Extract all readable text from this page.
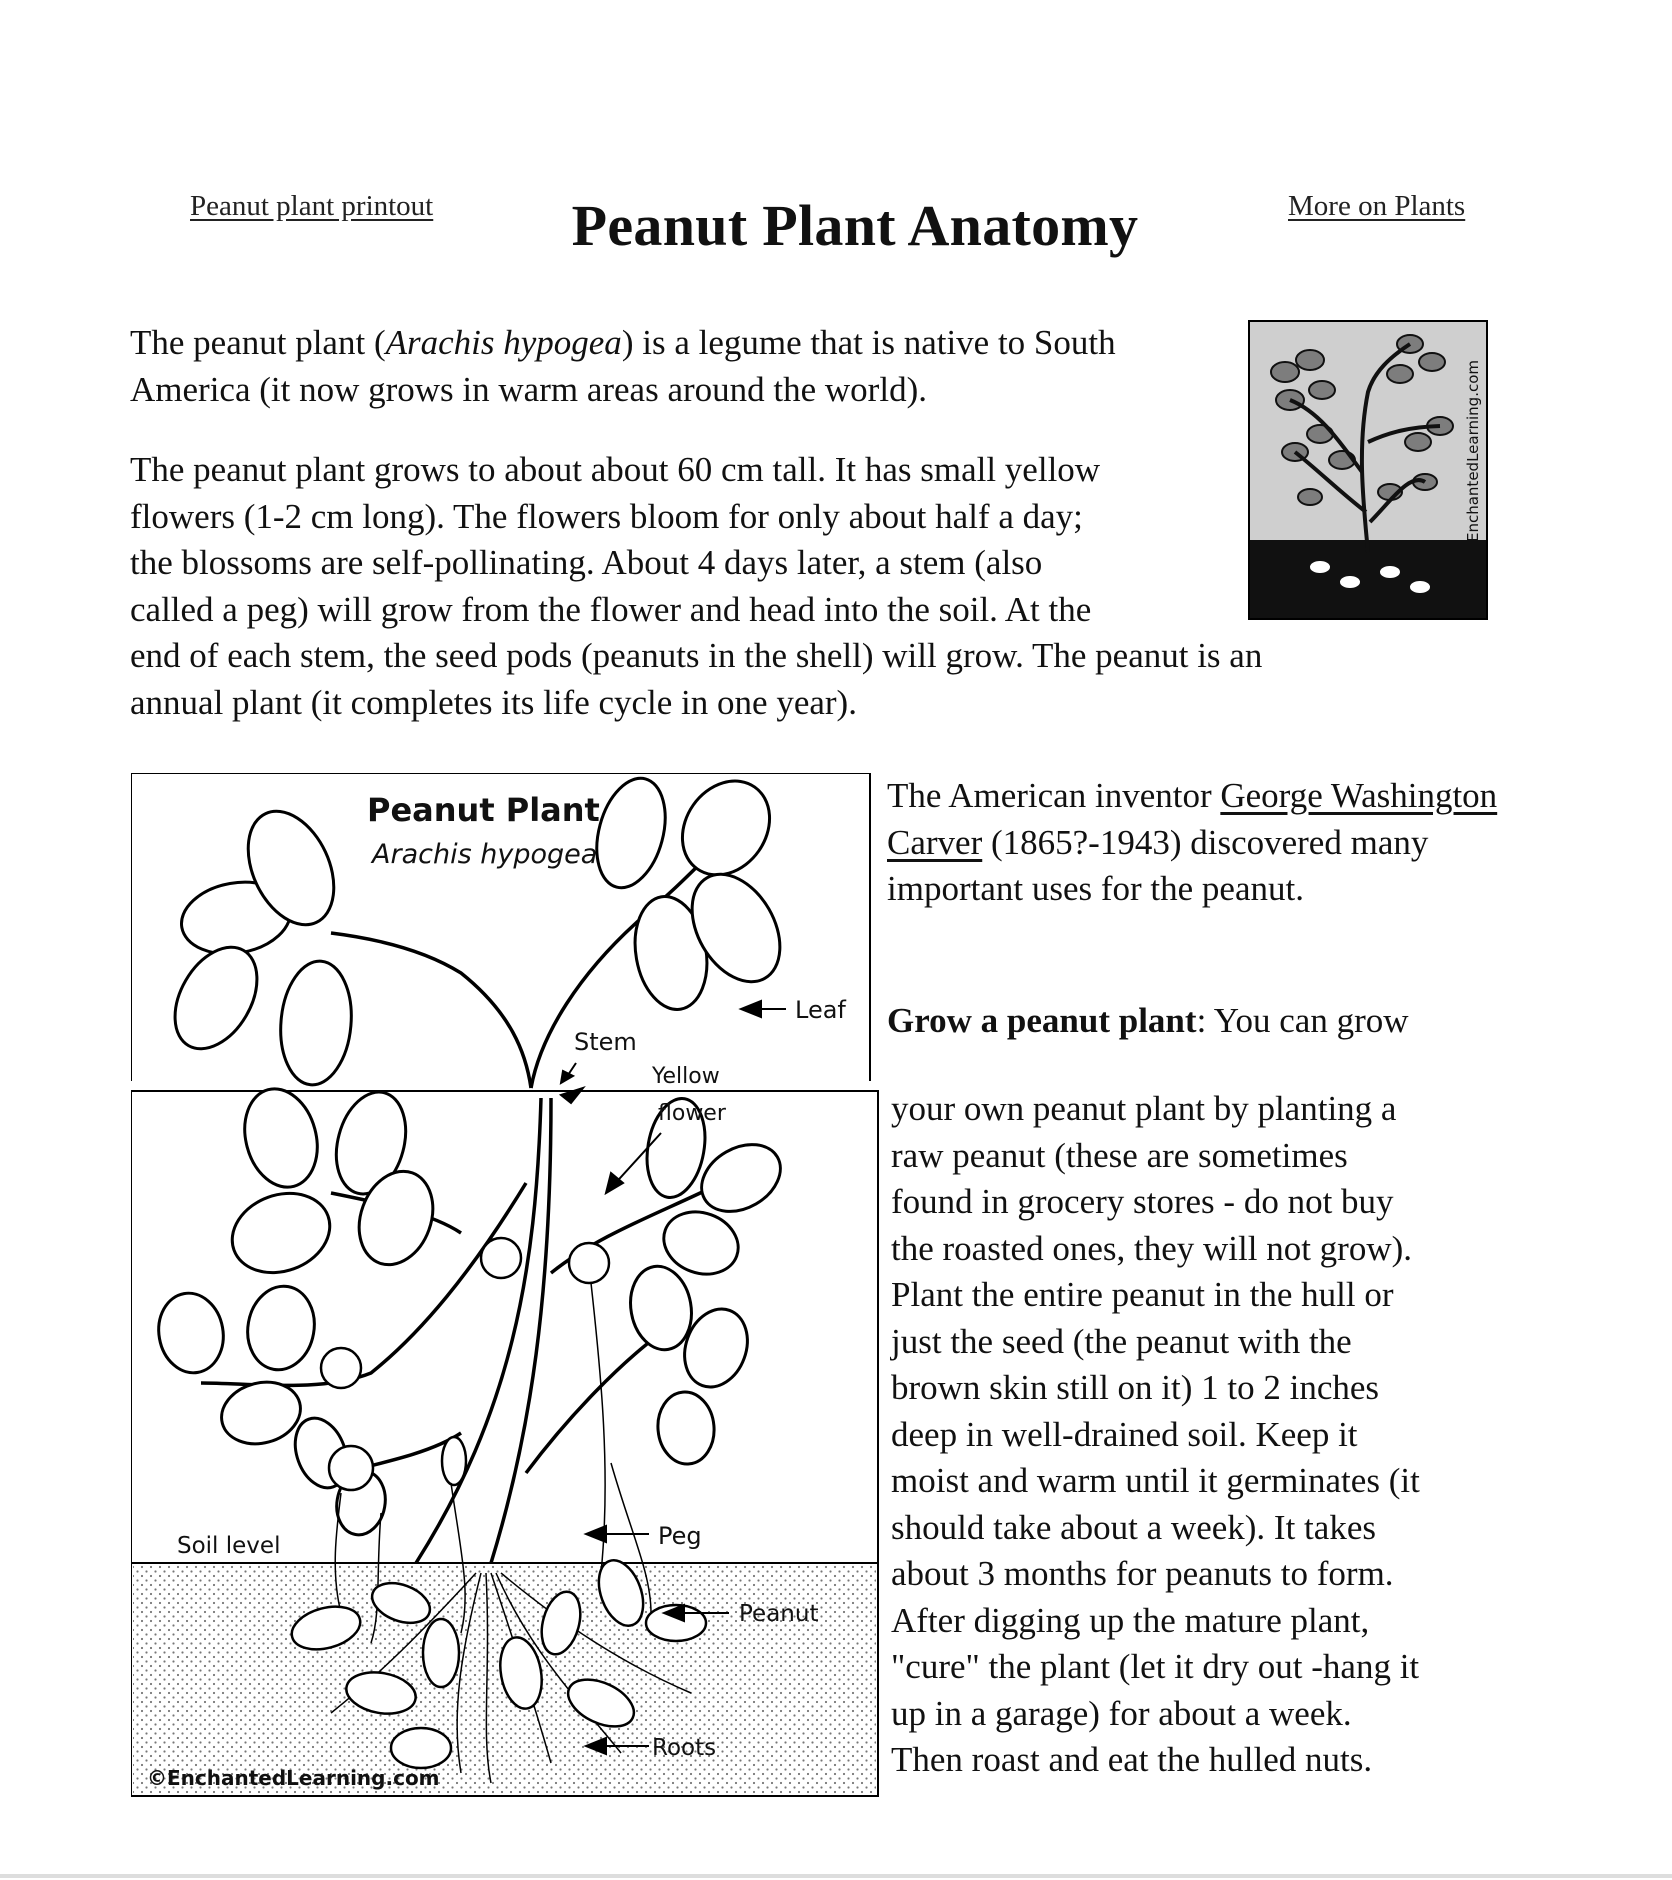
Peanut plant printout	Peanut Plant Anatomy	More on Plants

The peanut plant (Arachis hypogea) is a legume that is native to South America (it now grows in warm areas around the world).

The peanut plant grows to about about 60 cm tall. It has small yellow
flowers (1-2 cm long). The flowers bloom for only about half a day;
the blossoms are self-pollinating. About 4 days later, a stem (also
called a peg) will grow from the flower and head into the soil. At the
end of each stem, the seed pods (peanuts in the shell) will grow. The peanut is an
annual plant (it completes its life cycle in one year).

EnchantedLearning.com
Peanut Plant
Arachis hypogea
Leaf
Stem
Yellow
flower
Peg
Soil level
Peanut
Roots
©EnchantedLearning.com

The American inventor George Washington Carver (1865?-1943) discovered many important uses for the peanut.

Grow a peanut plant: You can grow

your own peanut plant by planting a
raw peanut (these are sometimes
found in grocery stores - do not buy
the roasted ones, they will not grow).
Plant the entire peanut in the hull or
just the seed (the peanut with the
brown skin still on it) 1 to 2 inches
deep in well-drained soil. Keep it
moist and warm until it germinates (it
should take about a week). It takes
about 3 months for peanuts to form.
After digging up the mature plant,
"cure" the plant (let it dry out -hang it
up in a garage) for about a week.
Then roast and eat the hulled nuts.
